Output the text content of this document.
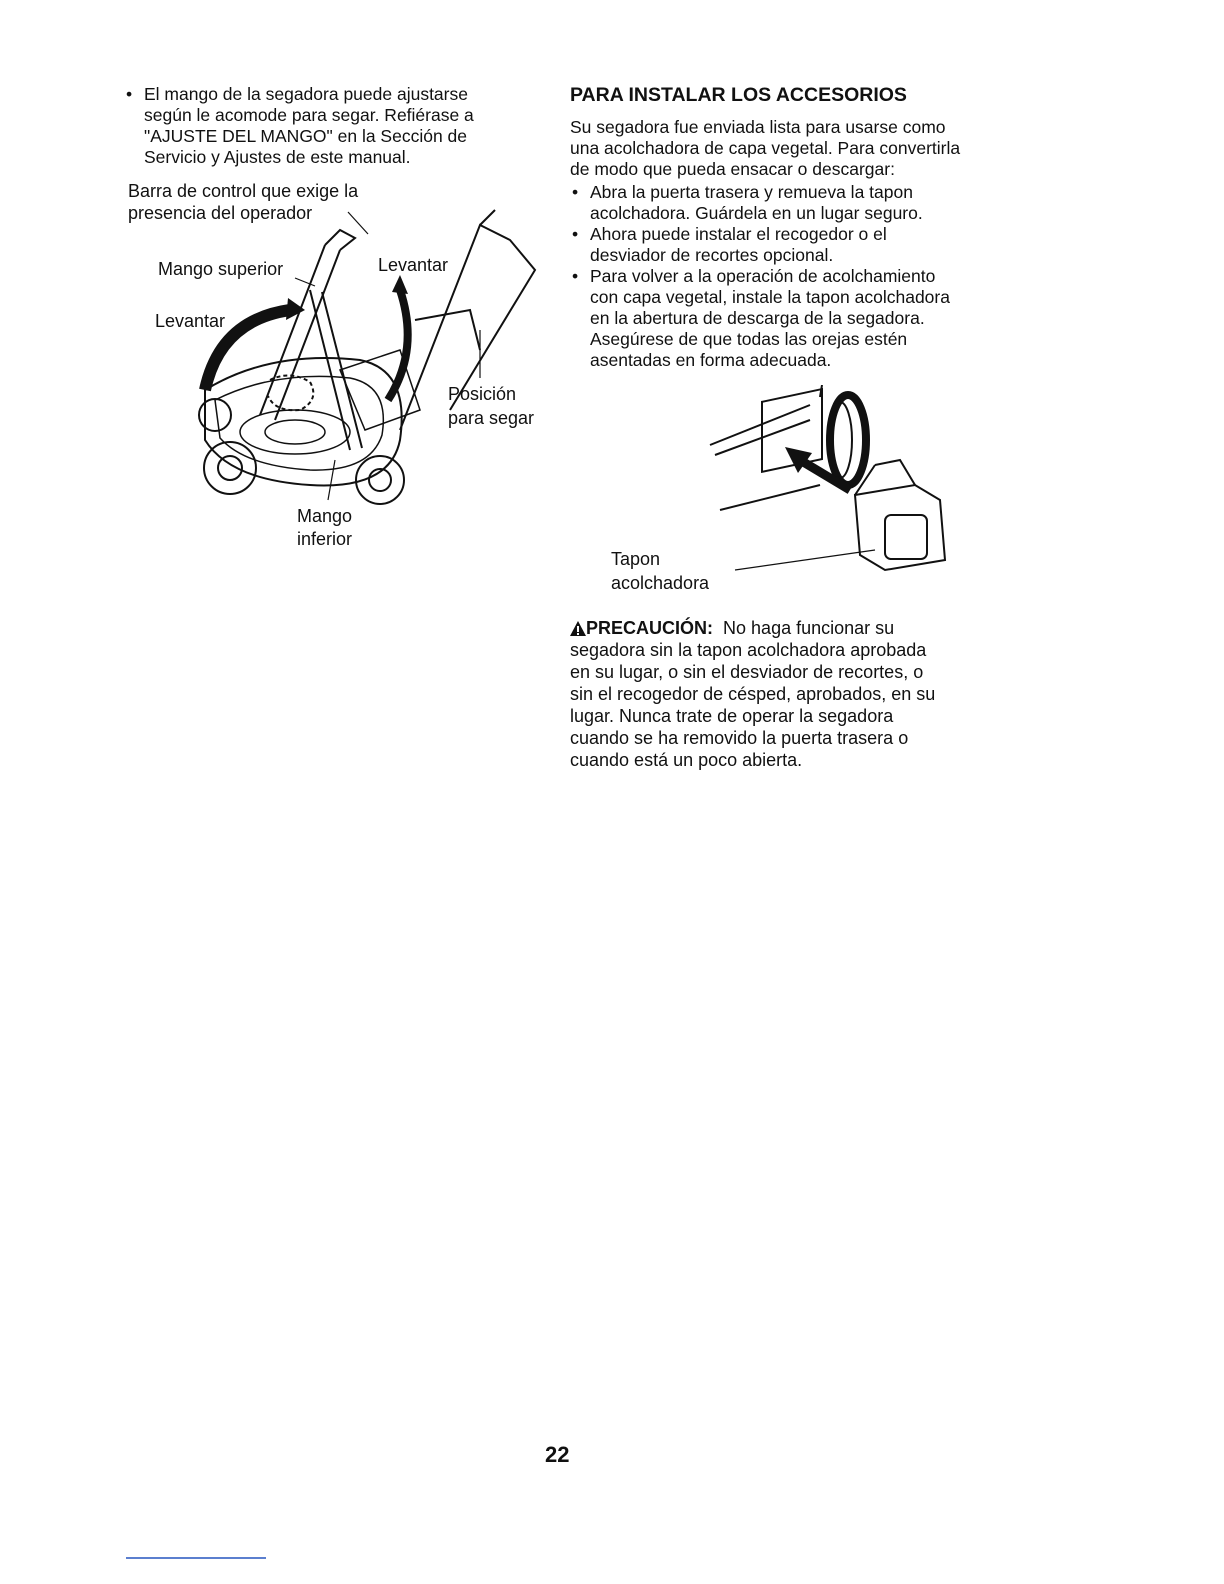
• El mango de la segadora puede ajustarse
según le acomode para segar. Refiérase a
"AJUSTE DEL MANGO" en la Sección de
Servicio y Ajustes de este manual.
Barra de control que exige la
presencia del operador
Mango superior	Levantar
Levantar
Posición
para segar
Mango
inferior
PARA INSTALAR LOS ACCESORIOS
Su segadora fue enviada lista para usarse como
una acolchadora de capa vegetal. Para convertirla
de modo que pueda ensacar o descargar:
• Abra la puerta trasera y remueva la tapon
acolchadora. Guárdela en un lugar seguro.
• Ahora puede instalar el recogedor o el
desviador de recortes opcional.
• Para volver a la operación de acolchamiento
con capa vegetal, instale la tapon acolchadora
en la abertura de descarga de la segadora.
Asegúrese de que todas las orejas estén
asentadas en forma adecuada.
Tapon
acolchadora
PRECAUCIÓN: No haga funcionar su
segadora sin la tapon acolchadora aprobada
en su lugar, o sin el desviador de recortes, o
sin el recogedor de césped, aprobados, en su
lugar. Nunca trate de operar la segadora
cuando se ha removido la puerta trasera o
cuando está un poco abierta.
22
